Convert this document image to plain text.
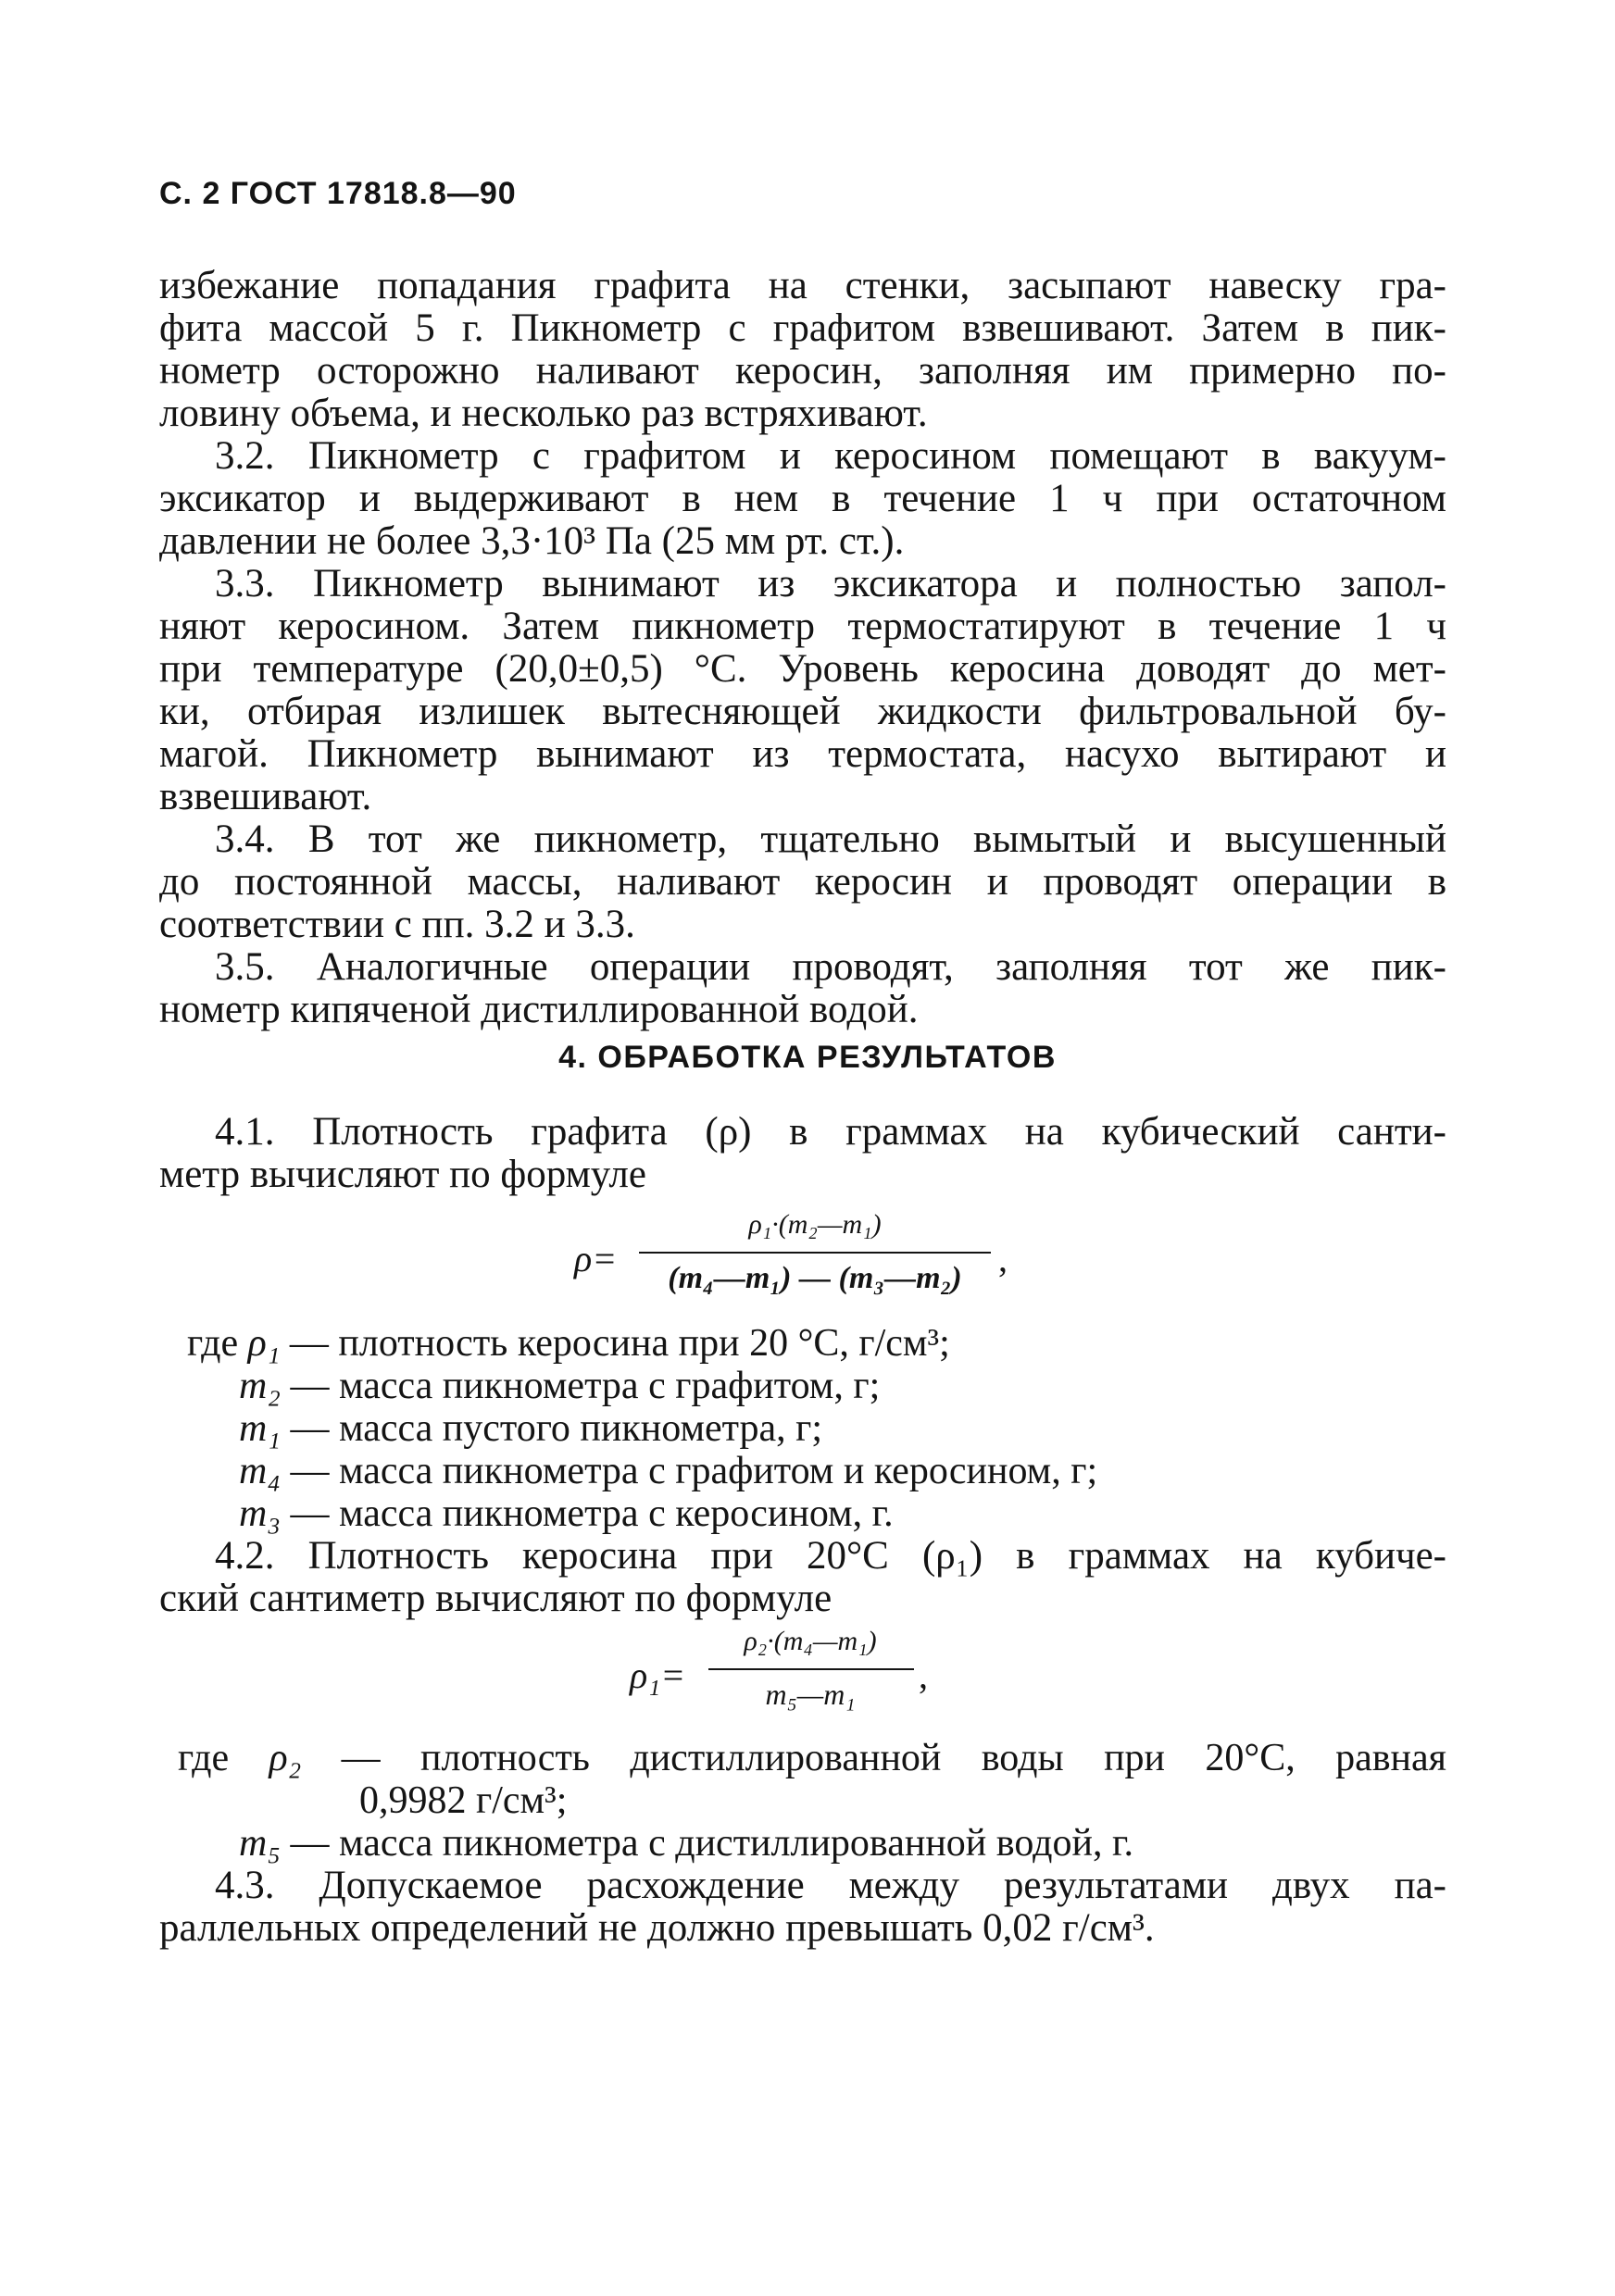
С. 2 ГОСТ 17818.8—90
избежание попадания графита на стенки, засыпают навеску гра-
фита массой 5 г. Пикнометр с графитом взвешивают. Затем в пик-
нометр осторожно наливают керосин, заполняя им примерно по-
ловину объема, и несколько раз встряхивают.
3.2. Пикнометр с графитом и керосином помещают в вакуум-
эксикатор и выдерживают в нем в течение 1 ч при остаточном
давлении не более 3,3·10³ Па (25 мм рт. ст.).
3.3. Пикнометр вынимают из эксикатора и полностью запол-
няют керосином. Затем пикнометр термостатируют в течение 1 ч
при температуре (20,0±0,5) °С. Уровень керосина доводят до мет-
ки, отбирая излишек вытесняющей жидкости фильтровальной бу-
магой. Пикнометр вынимают из термостата, насухо вытирают и
взвешивают.
3.4. В тот же пикнометр, тщательно вымытый и высушенный
до постоянной массы, наливают керосин и проводят операции в
соответствии с пп. 3.2 и 3.3.
3.5. Аналогичные операции проводят, заполняя тот же пик-
нометр кипяченой дистиллированной водой.
4. ОБРАБОТКА РЕЗУЛЬТАТОВ
4.1. Плотность графита (ρ) в граммах на кубический санти-
метр вычисляют по формуле
ρ=
ρ₁·(m₂—m₁)
(m₄—m₁) — (m₃—m₂) ,
где ρ₁ — плотность керосина при 20 °С, г/см³;
m₂ — масса пикнометра с графитом, г;
m₁ — масса пустого пикнометра, г;
m₄ — масса пикнометра с графитом и керосином, г;
m₃ — масса пикнометра с керосином, г.
4.2. Плотность керосина при 20°С (ρ₁) в граммах на кубиче-
ский сантиметр вычисляют по формуле
ρ₁=
ρ₂·(m₄—m₁)
m₅—m₁	,
где ρ₂ — плотность дистиллированной воды при 20°С, равная
0,9982 г/см³;
m₅ — масса пикнометра с дистиллированной водой, г.
4.3. Допускаемое расхождение между результатами двух па-
раллельных определений не должно превышать 0,02 г/см³.
